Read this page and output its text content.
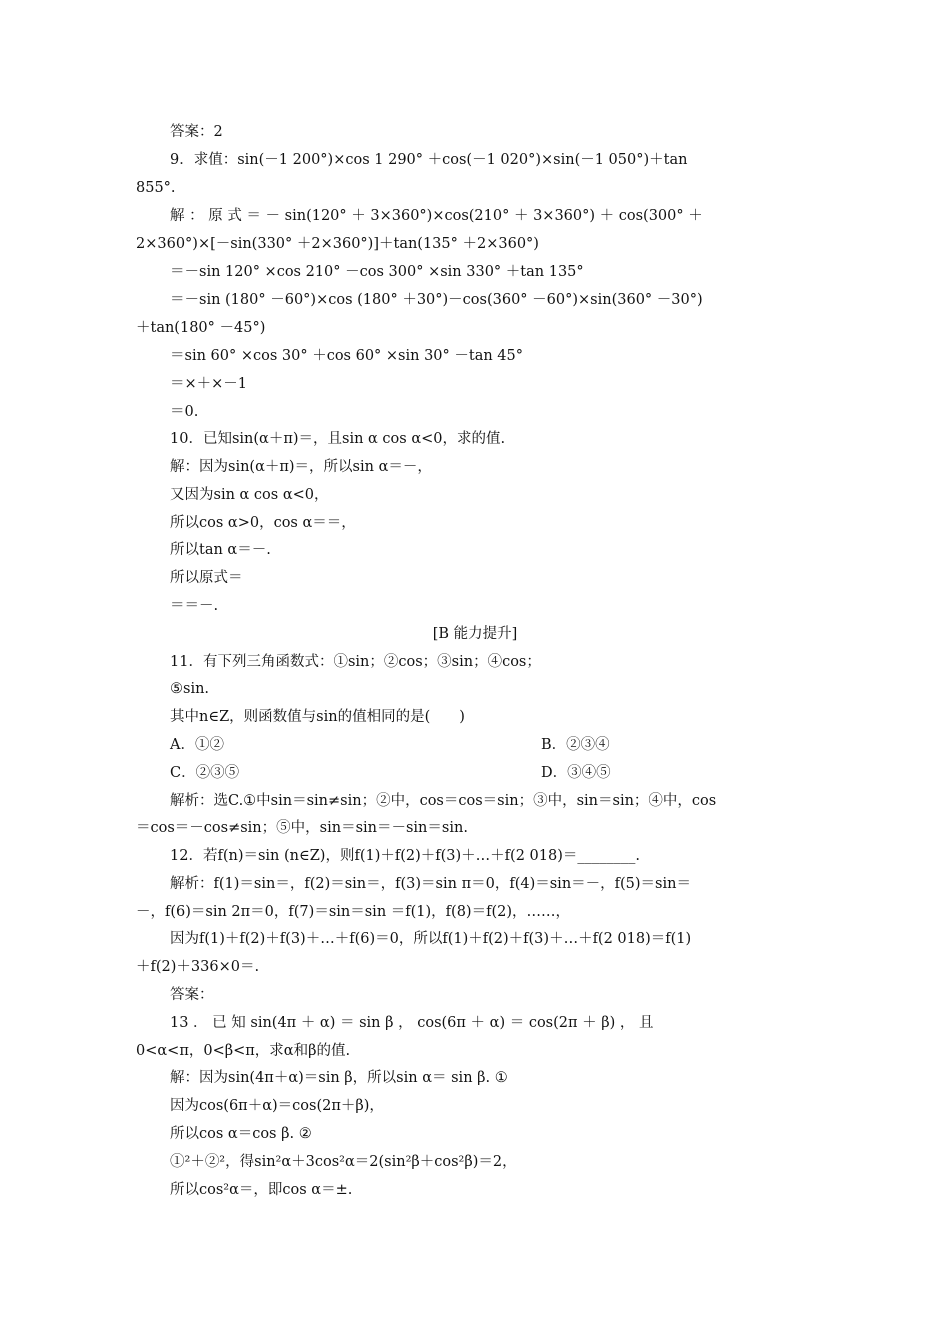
答案：2
9．求值：sin(－1 200°)×cos 1 290° ＋cos(－1 020°)×sin(－1 050°)＋tan
855°.
解 ： 原 式 ＝ － sin(120° ＋ 3×360°)×cos(210° ＋ 3×360°) ＋ cos(300° ＋
2×360°)×[－sin(330° ＋2×360°)]＋tan(135° ＋2×360°)
＝－sin 120° ×cos 210° －cos 300° ×sin 330° ＋tan 135°
＝－sin (180° －60°)×cos (180° ＋30°)－cos(360° －60°)×sin(360° －30°)
＋tan(180° －45°)
＝sin 60° ×cos 30° ＋cos 60° ×sin 30° －tan 45°
＝×＋×－1
＝0.
10．已知sin(α＋π)＝，且sin α cos α<0，求的值.
解：因为sin(α＋π)＝，所以sin α＝－，
又因为sin α cos α<0，
所以cos α>0，cos α＝＝，
所以tan α＝－.
所以原式＝
＝＝－.
[B 能力提升]
11．有下列三角函数式：①sin；②cos；③sin；④cos；
⑤sin.
其中n∈Z，则函数值与sin的值相同的是(　　)
A．①②	B．②③④
C．②③⑤	D．③④⑤
解析：选C.①中sin＝sin≠sin；②中，cos＝cos＝sin；③中，sin＝sin；④中，cos
＝cos＝－cos≠sin；⑤中，sin＝sin＝－sin＝sin.
12．若f(n)＝sin (n∈Z)，则f(1)＋f(2)＋f(3)＋…＋f(2 018)＝________.
解析：f(1)＝sin＝，f(2)＝sin＝，f(3)＝sin π＝0，f(4)＝sin＝－，f(5)＝sin＝
－，f(6)＝sin 2π＝0，f(7)＝sin＝sin ＝f(1)，f(8)＝f(2)，……，
因为f(1)＋f(2)＋f(3)＋…＋f(6)＝0，所以f(1)＋f(2)＋f(3)＋…＋f(2 018)＝f(1)
＋f(2)＋336×0＝.
答案：
13 ． 已 知 sin(4π ＋ α) ＝ sin β ， cos(6π ＋ α) ＝ cos(2π ＋ β) ， 且
0<α<π，0<β<π，求α和β的值.
解：因为sin(4π＋α)＝sin β，所以sin α＝ sin β. ①
因为cos(6π＋α)＝cos(2π＋β)，
所以cos α＝cos β. ②
①²＋②²，得sin²α＋3cos²α＝2(sin²β＋cos²β)＝2，
所以cos²α＝，即cos α＝±.
